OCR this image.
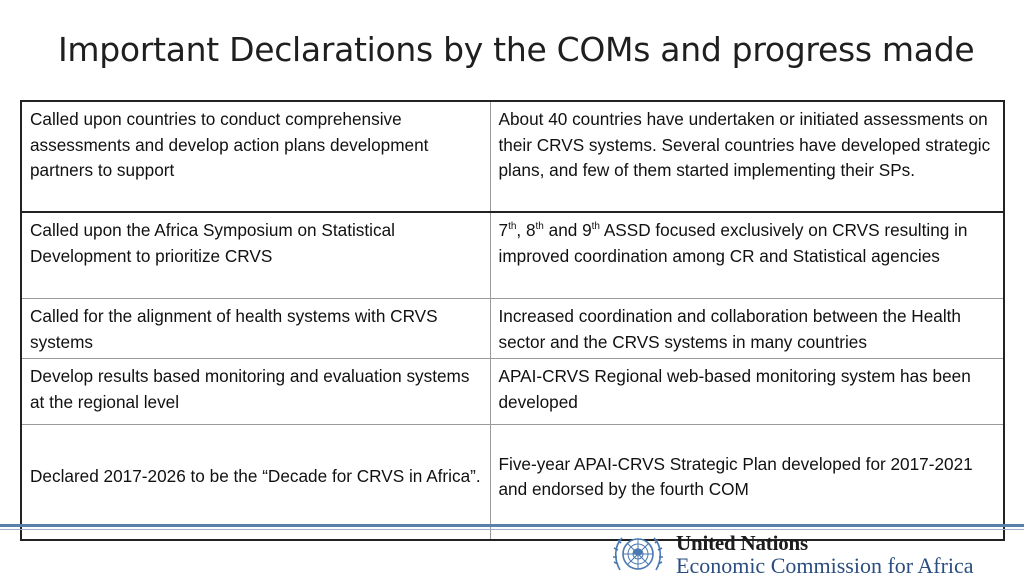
Important Declarations by the COMs and progress made
Called upon countries to conduct comprehensive assessments and develop action plans development partners to support	About 40 countries have undertaken or initiated assessments on their CRVS systems. Several countries have developed strategic plans, and few of them started implementing their SPs.
Called upon the Africa Symposium on Statistical Development to prioritize CRVS	7th, 8th and 9th ASSD focused exclusively on CRVS resulting in improved coordination among CR and Statistical agencies
Called for the alignment of health systems with CRVS systems	Increased coordination and collaboration between the Health sector and the CRVS systems in many countries
Develop results based monitoring and evaluation systems at the regional level	APAI-CRVS Regional web-based monitoring system has been developed
Declared 2017-2026 to be the “Decade for CRVS in Africa”.	Five-year APAI-CRVS Strategic Plan developed for 2017-2021 and endorsed by the fourth COM
United Nations
Economic Commission for Africa
